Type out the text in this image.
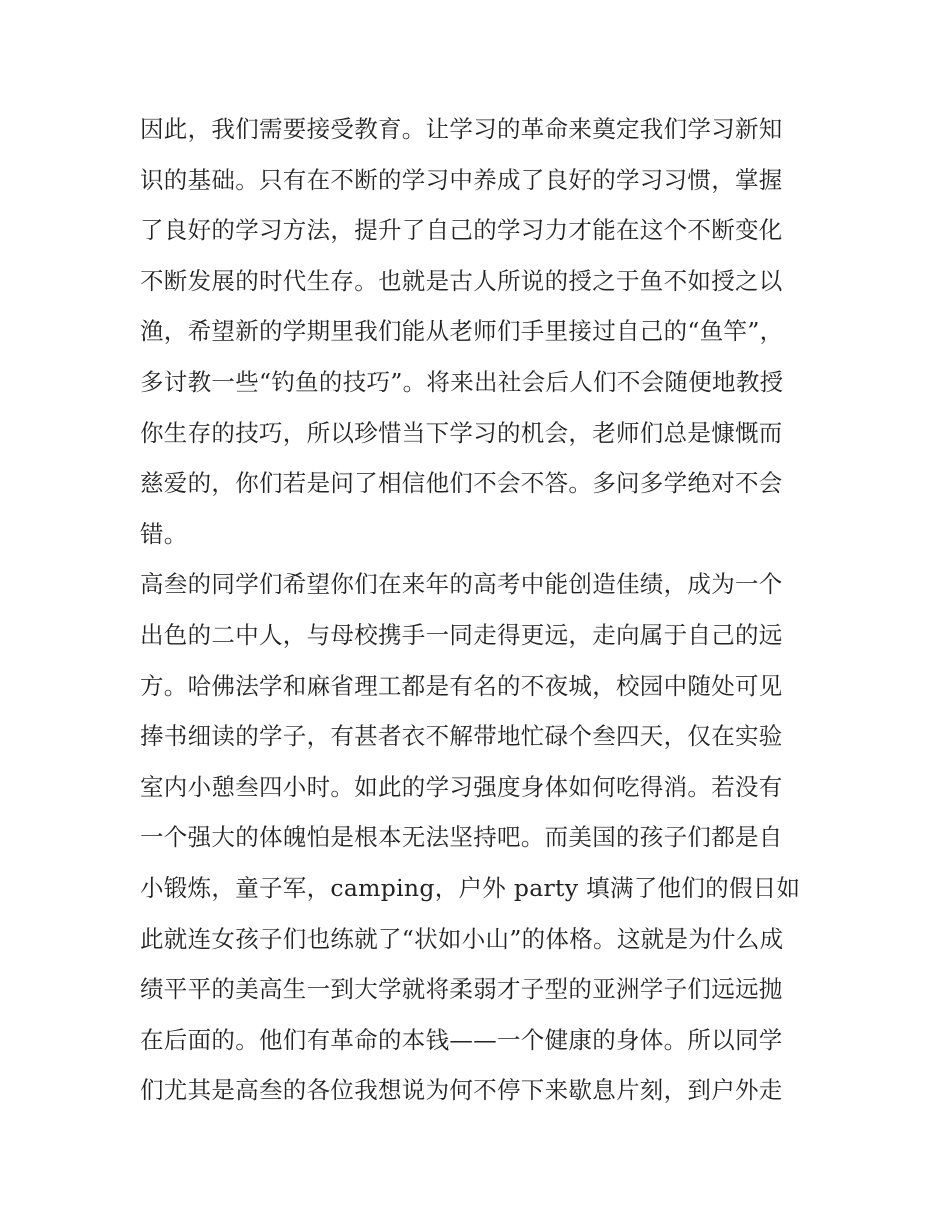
因此，我们需要接受教育。让学习的革命来奠定我们学习新知
识的基础。只有在不断的学习中养成了良好的学习习惯，掌握
了良好的学习方法，提升了自己的学习力才能在这个不断变化
不断发展的时代生存。也就是古人所说的授之于鱼不如授之以
渔，希望新的学期里我们能从老师们手里接过自己的“鱼竿”，
多讨教一些“钓鱼的技巧”。将来出社会后人们不会随便地教授
你生存的技巧，所以珍惜当下学习的机会，老师们总是慷慨而
慈爱的，你们若是问了相信他们不会不答。多问多学绝对不会
错。
高叁的同学们希望你们在来年的高考中能创造佳绩，成为一个
出色的二中人，与母校携手一同走得更远，走向属于自己的远
方。哈佛法学和麻省理工都是有名的不夜城，校园中随处可见
捧书细读的学子，有甚者衣不解带地忙碌个叁四天，仅在实验
室内小憩叁四小时。如此的学习强度身体如何吃得消。若没有
一个强大的体魄怕是根本无法坚持吧。而美国的孩子们都是自
小锻炼，童子军，camping，户外 party 填满了他们的假日如
此就连女孩子们也练就了“状如小山”的体格。这就是为什么成
绩平平的美高生一到大学就将柔弱才子型的亚洲学子们远远抛
在后面的。他们有革命的本钱——一个健康的身体。所以同学
们尤其是高叁的各位我想说为何不停下来歇息片刻，到户外走
